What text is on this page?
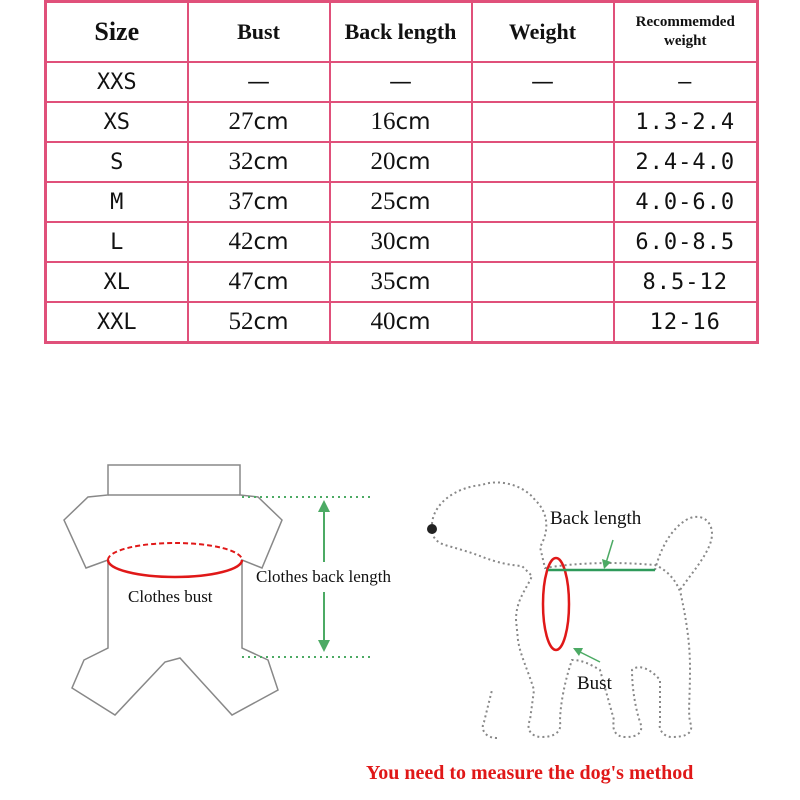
Size	Bust	Back length	Weight	Recommemded
weight
XXS	—	—	—	—
XS	27cm	16cm		1.3-2.4
S	32cm	20cm		2.4-4.0
M	37cm	25cm		4.0-6.0
L	42cm	30cm		6.0-8.5
XL	47cm	35cm		8.5-12
XXL	52cm	40cm		12-16
Clothes bust
Clothes back length
Back length
Bust
You need to measure the dog's method
